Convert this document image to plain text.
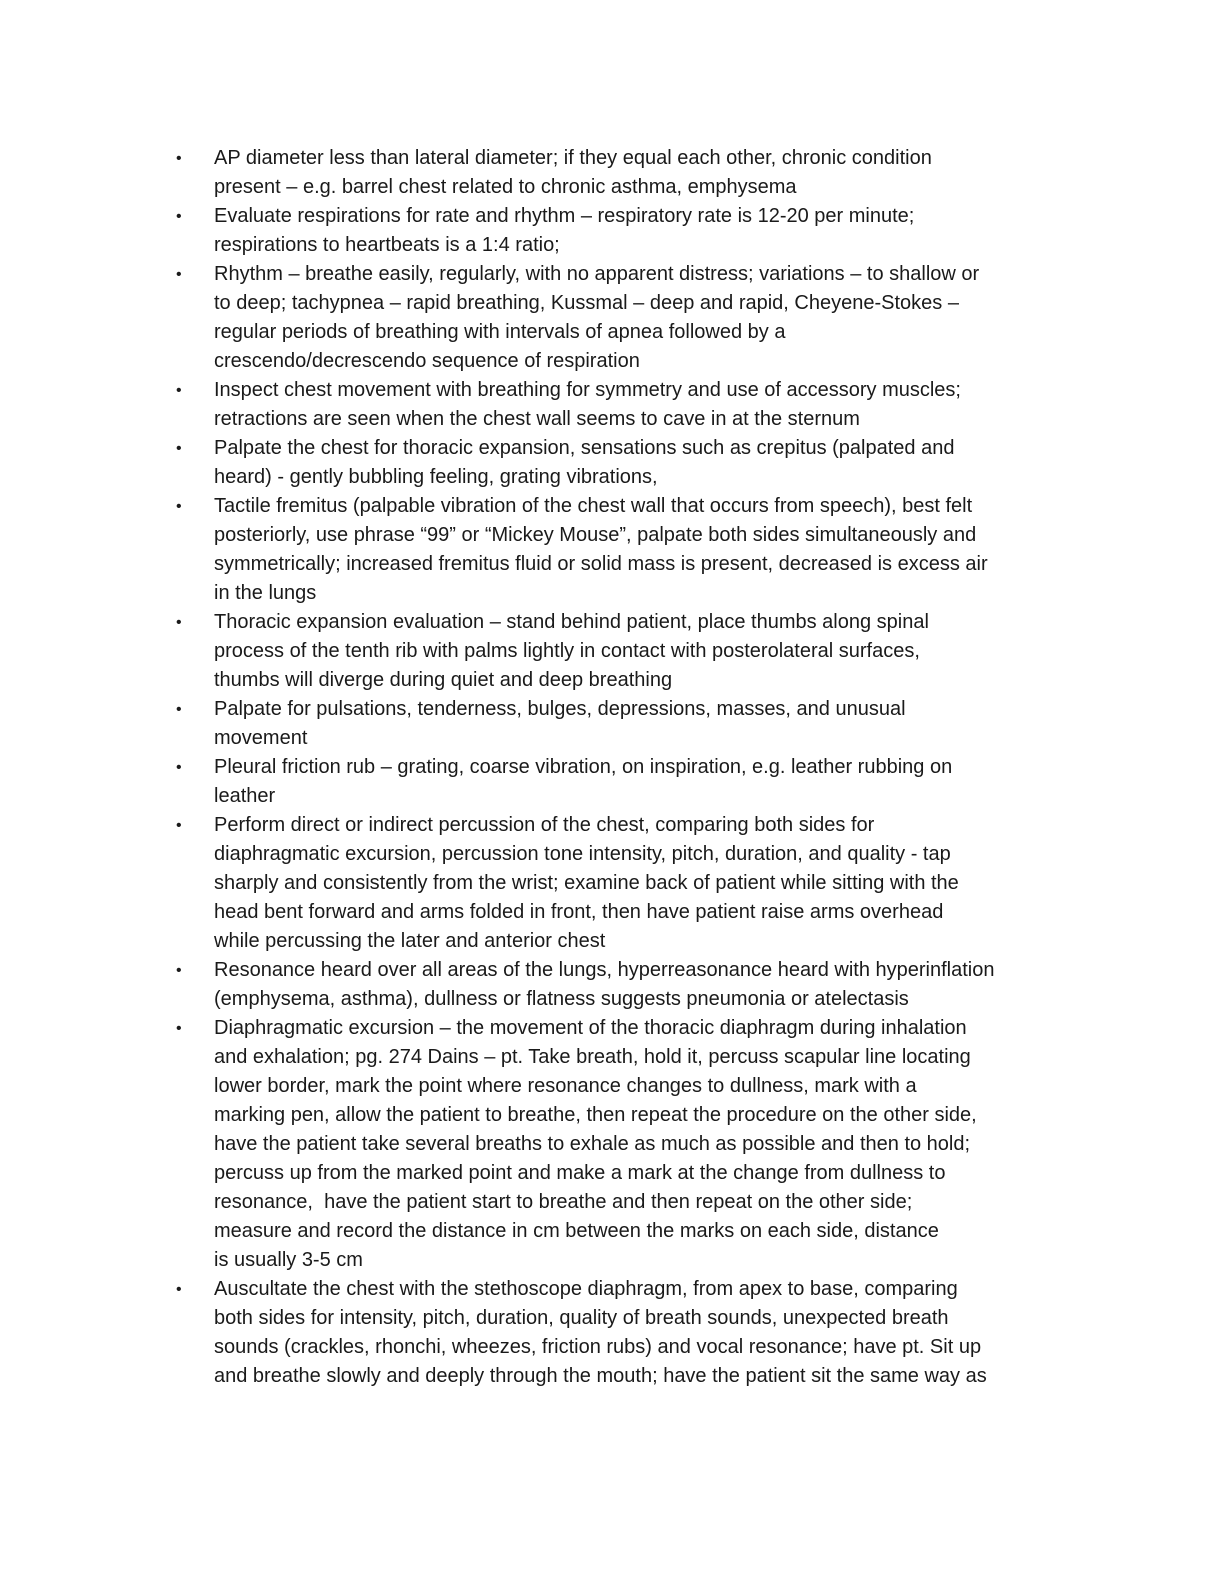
•	AP diameter less than lateral diameter; if they equal each other, chronic condition
present – e.g. barrel chest related to chronic asthma, emphysema
•	Evaluate respirations for rate and rhythm – respiratory rate is 12-20 per minute;
respirations to heartbeats is a 1:4 ratio;
•	Rhythm – breathe easily, regularly, with no apparent distress; variations – to shallow or
to deep; tachypnea – rapid breathing, Kussmal – deep and rapid, Cheyene-Stokes –
regular periods of breathing with intervals of apnea followed by a
crescendo/decrescendo sequence of respiration
•	Inspect chest movement with breathing for symmetry and use of accessory muscles;
retractions are seen when the chest wall seems to cave in at the sternum
•	Palpate the chest for thoracic expansion, sensations such as crepitus (palpated and
heard) - gently bubbling feeling, grating vibrations,
•	Tactile fremitus (palpable vibration of the chest wall that occurs from speech), best felt
posteriorly, use phrase “99” or “Mickey Mouse”, palpate both sides simultaneously and
symmetrically; increased fremitus fluid or solid mass is present, decreased is excess air
in the lungs
•	Thoracic expansion evaluation – stand behind patient, place thumbs along spinal
process of the tenth rib with palms lightly in contact with posterolateral surfaces,
thumbs will diverge during quiet and deep breathing
•	Palpate for pulsations, tenderness, bulges, depressions, masses, and unusual
movement
•	Pleural friction rub – grating, coarse vibration, on inspiration, e.g. leather rubbing on
leather
•	Perform direct or indirect percussion of the chest, comparing both sides for
diaphragmatic excursion, percussion tone intensity, pitch, duration, and quality - tap
sharply and consistently from the wrist; examine back of patient while sitting with the
head bent forward and arms folded in front, then have patient raise arms overhead
while percussing the later and anterior chest
•	Resonance heard over all areas of the lungs, hyperreasonance heard with hyperinflation
(emphysema, asthma), dullness or flatness suggests pneumonia or atelectasis
•	Diaphragmatic excursion – the movement of the thoracic diaphragm during inhalation
and exhalation; pg. 274 Dains – pt. Take breath, hold it, percuss scapular line locating
lower border, mark the point where resonance changes to dullness, mark with a
marking pen, allow the patient to breathe, then repeat the procedure on the other side,
have the patient take several breaths to exhale as much as possible and then to hold;
percuss up from the marked point and make a mark at the change from dullness to
resonance,  have the patient start to breathe and then repeat on the other side;
measure and record the distance in cm between the marks on each side, distance
is usually 3-5 cm
•	Auscultate the chest with the stethoscope diaphragm, from apex to base, comparing
both sides for intensity, pitch, duration, quality of breath sounds, unexpected breath
sounds (crackles, rhonchi, wheezes, friction rubs) and vocal resonance; have pt. Sit up
and breathe slowly and deeply through the mouth; have the patient sit the same way as
